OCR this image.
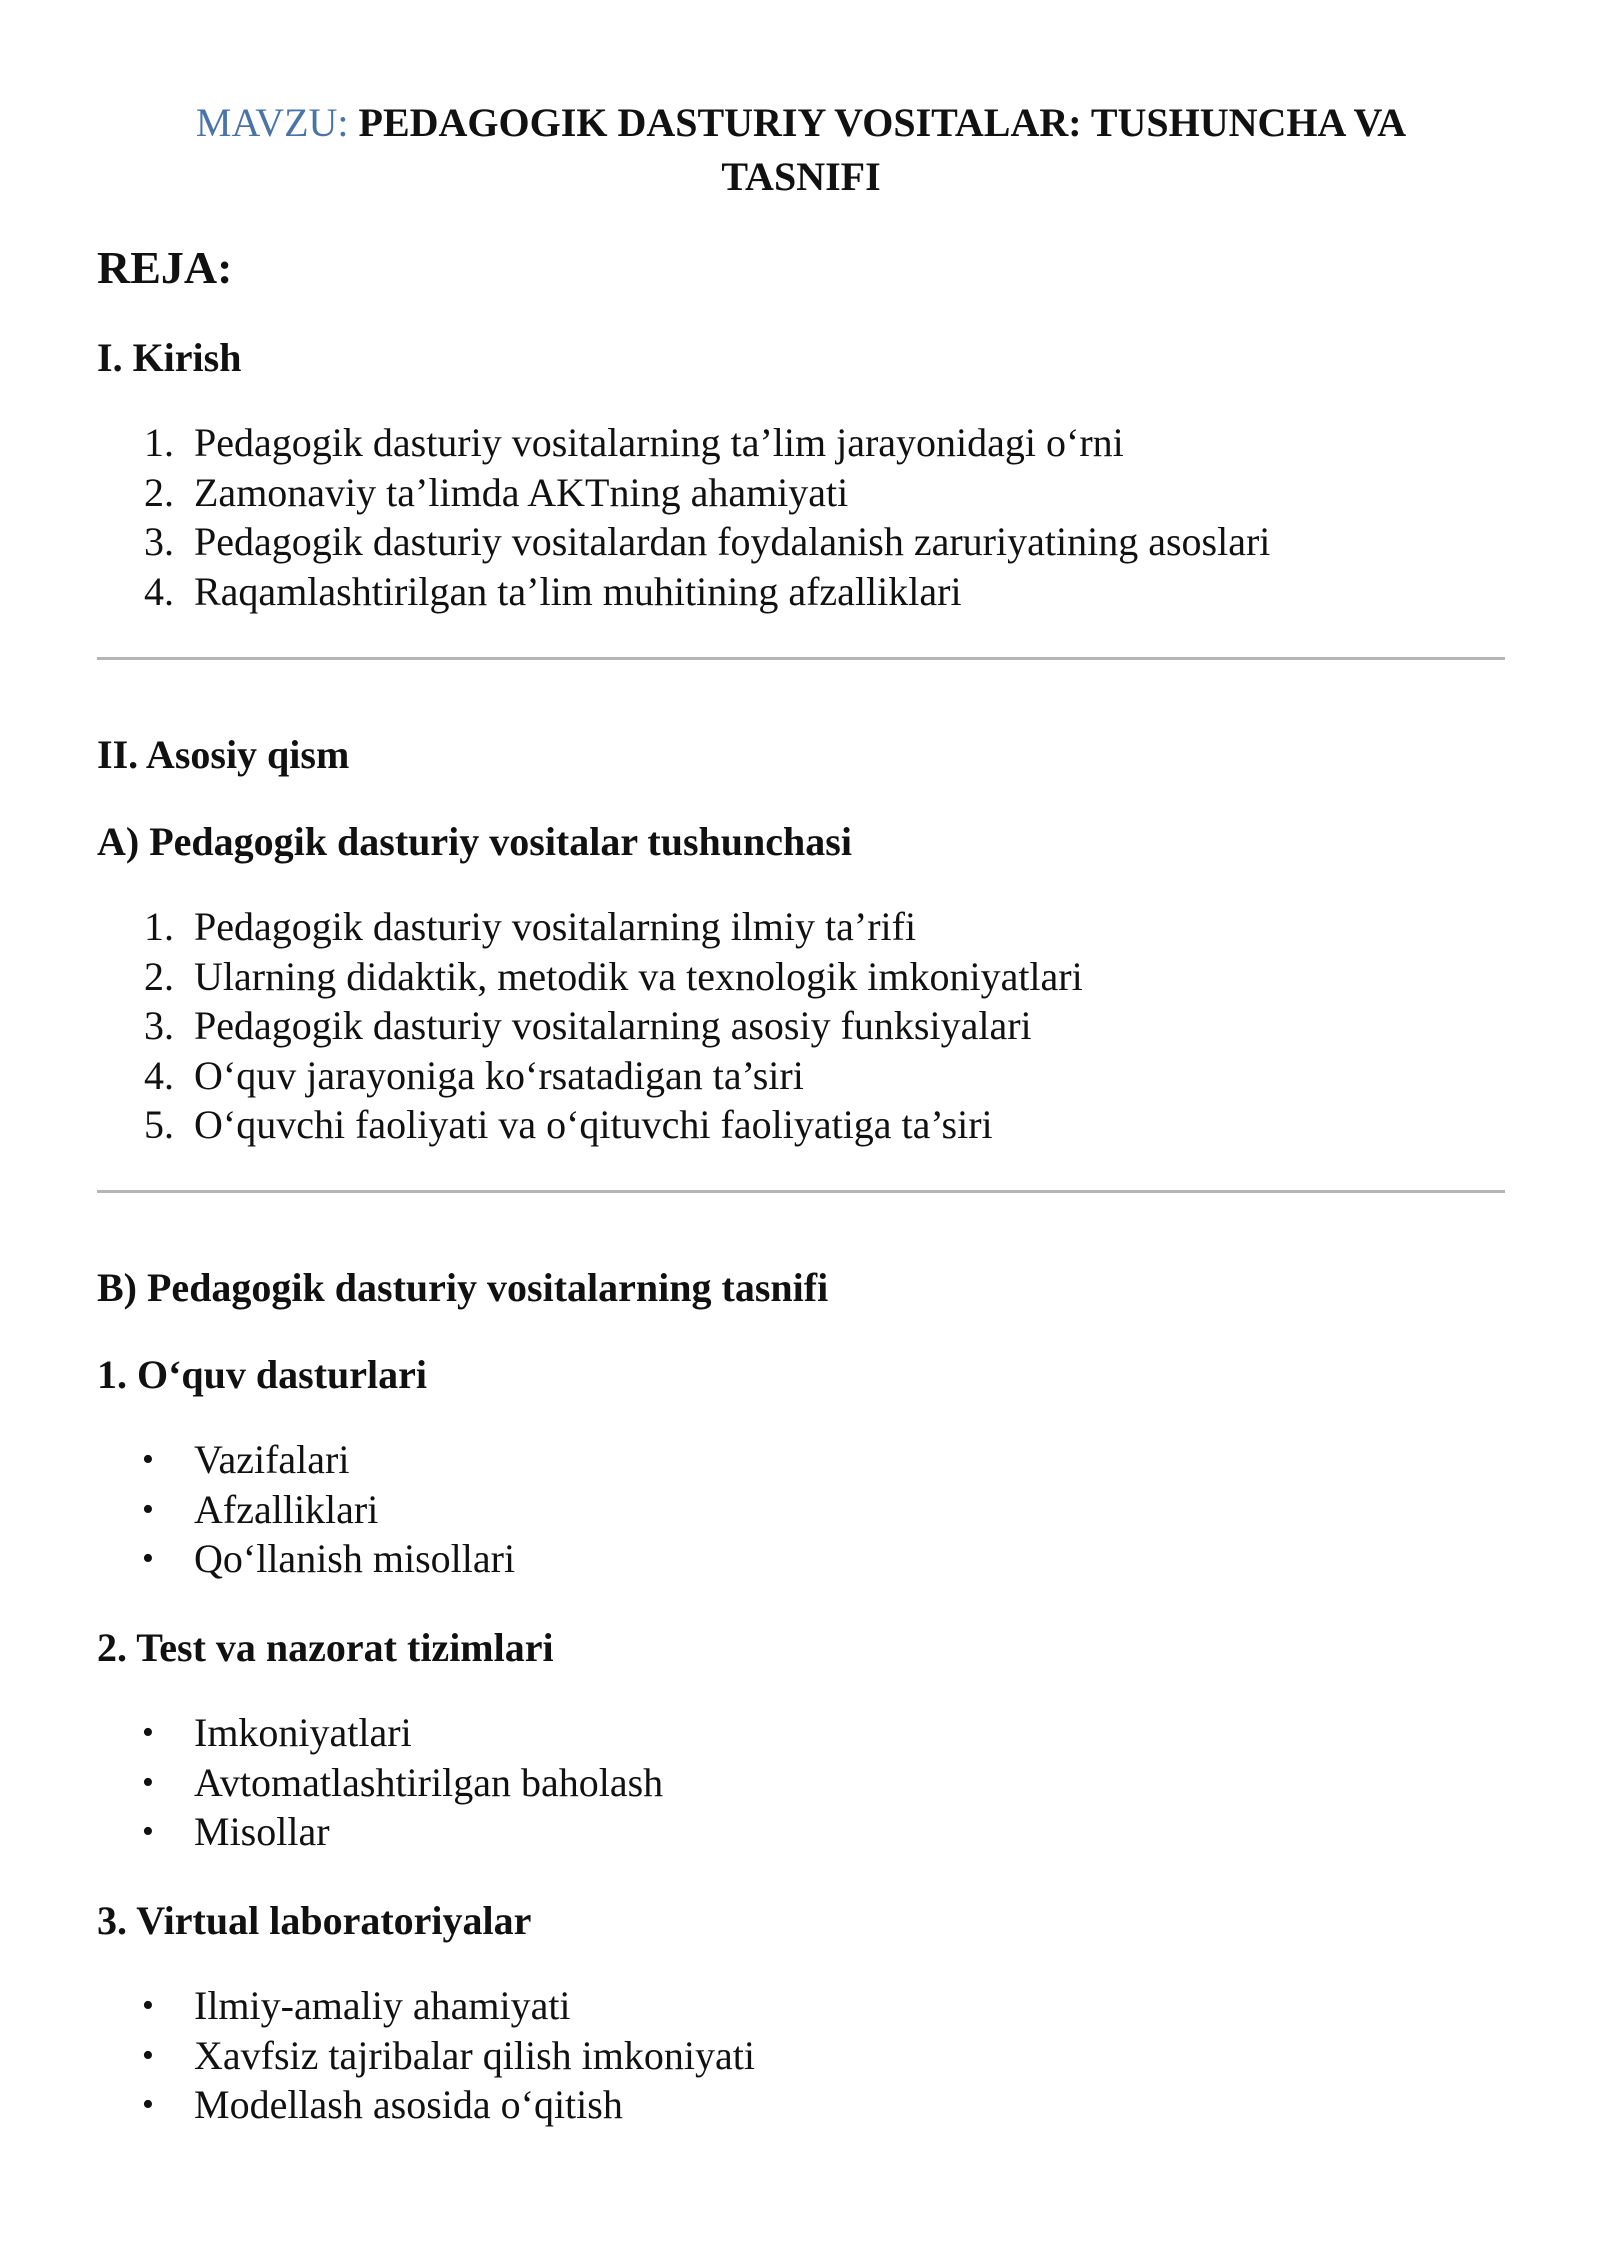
MAVZU: PEDAGOGIK DASTURIY VOSITALAR: TUSHUNCHA VA TASNIFI
REJA:
I. Kirish
1. Pedagogik dasturiy vositalarning ta’lim jarayonidagi o‘rni
2. Zamonaviy ta’limda AKTning ahamiyati
3. Pedagogik dasturiy vositalardan foydalanish zaruriyatining asoslari
4. Raqamlashtirilgan ta’lim muhitining afzalliklari
II. Asosiy qism
A) Pedagogik dasturiy vositalar tushunchasi
1. Pedagogik dasturiy vositalarning ilmiy ta’rifi
2. Ularning didaktik, metodik va texnologik imkoniyatlari
3. Pedagogik dasturiy vositalarning asosiy funksiyalari
4. O‘quv jarayoniga ko‘rsatadigan ta’siri
5. O‘quvchi faoliyati va o‘qituvchi faoliyatiga ta’siri
B) Pedagogik dasturiy vositalarning tasnifi
1. O‘quv dasturlari
• Vazifalari
• Afzalliklari
• Qo‘llanish misollari
2. Test va nazorat tizimlari
• Imkoniyatlari
• Avtomatlashtirilgan baholash
• Misollar
3. Virtual laboratoriyalar
• Ilmiy-amaliy ahamiyati
• Xavfsiz tajribalar qilish imkoniyati
• Modellash asosida o‘qitish
